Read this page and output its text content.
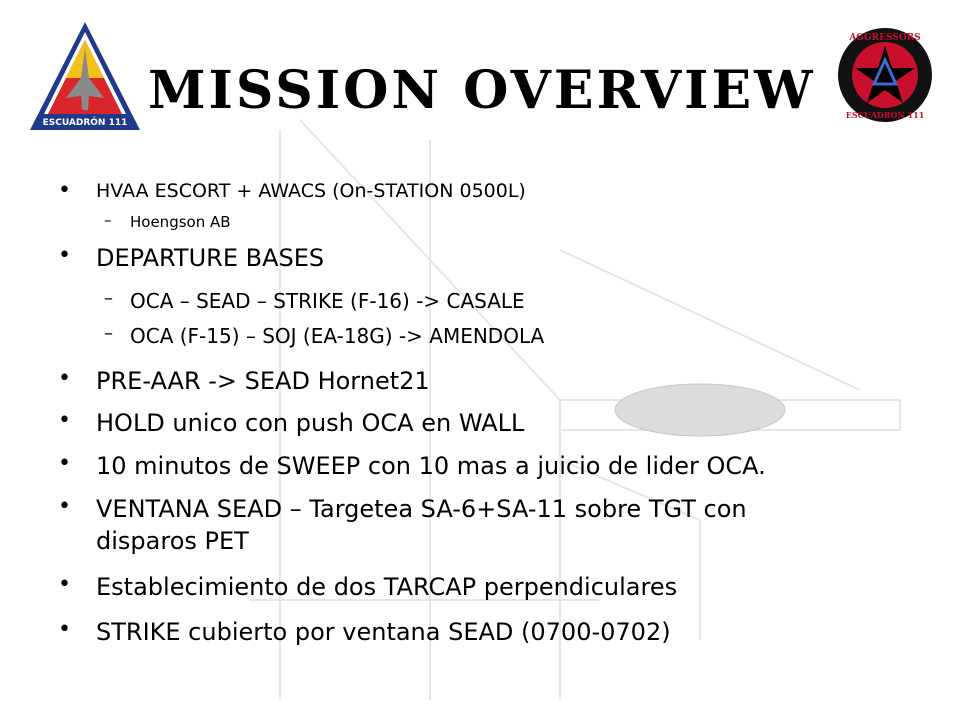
ESCUADRÓN 111
AGGRESSORS
ESCUADRON 111
MISSION OVERVIEW
• HVAA ESCORT + AWACS (On-STATION 0500L)
– Hoengson AB
• DEPARTURE BASES
– OCA – SEAD – STRIKE (F-16) -> CASALE
– OCA (F-15) – SOJ (EA-18G) -> AMENDOLA
• PRE-AAR -> SEAD Hornet21
• HOLD unico con push OCA en WALL
• 10 minutos de SWEEP con 10 mas a juicio de lider OCA.
• VENTANA SEAD – Targetea SA-6+SA-11 sobre TGT con
disparos PET
• Establecimiento de dos TARCAP perpendiculares
• STRIKE cubierto por ventana SEAD (0700-0702)
